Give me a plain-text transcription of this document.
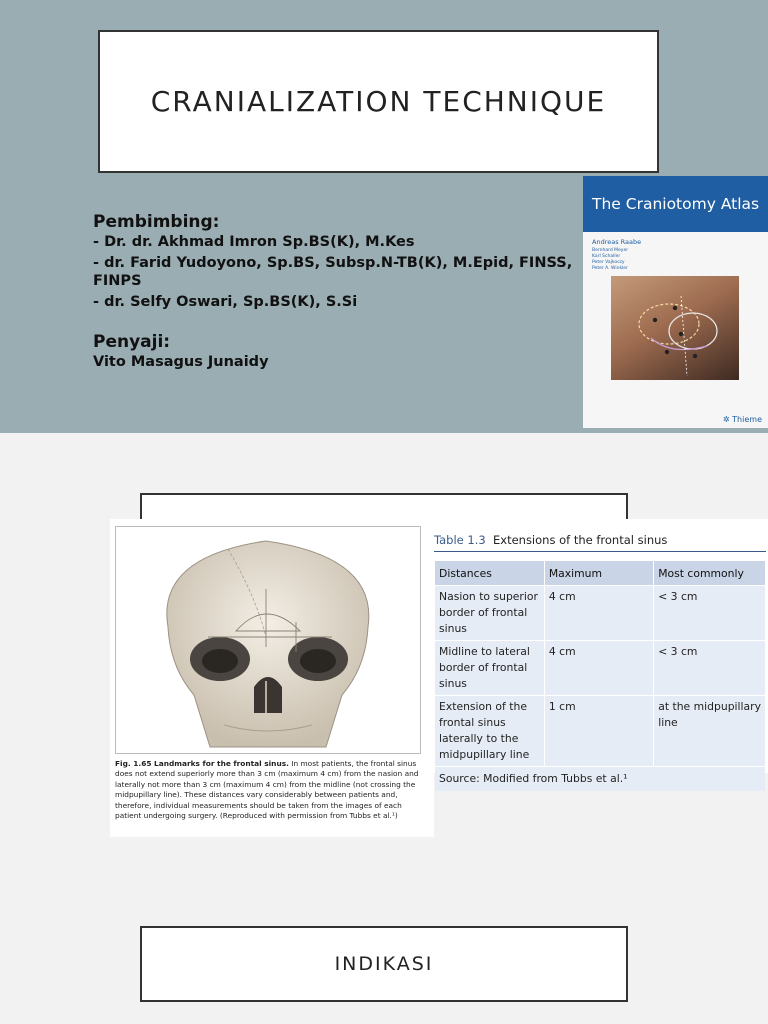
CRANIALIZATION TECHNIQUE

Pembimbing:

- Dr. dr. Akhmad Imron Sp.BS(K), M.Kes

- dr. Farid Yudoyono, Sp.BS, Subsp.N-TB(K), M.Epid, FINSS,

FINPS

- dr. Selfy Oswari, Sp.BS(K), S.Si

Penyaji:

Vito Masagus Junaidy

The Craniotomy Atlas
Andreas Raabe
Bernhard Meyer
Karl Schaller
Peter Vajkoczy
Peter A. Winkler
✲ Thieme

Fig. 1.65 Landmarks for the frontal sinus. In most patients, the frontal sinus does not extend superiorly more than 3 cm (maximum 4 cm) from the nasion and laterally not more than 3 cm (maximum 4 cm) from the midline (not crossing the midpupillary line). These distances vary considerably between patients and, therefore, individual measurements should be taken from the images of each patient undergoing surgery. (Reproduced with permission from Tubbs et al.¹)

Table 1.3 Extensions of the frontal sinus
Distances	Maximum	Most commonly
Nasion to superior border of frontal sinus	4 cm	< 3 cm
Midline to lateral border of frontal sinus	4 cm	< 3 cm
Extension of the frontal sinus laterally to the midpupillary line	1 cm	at the midpupillary line
Source: Modified from Tubbs et al.¹		
INDIKASI
